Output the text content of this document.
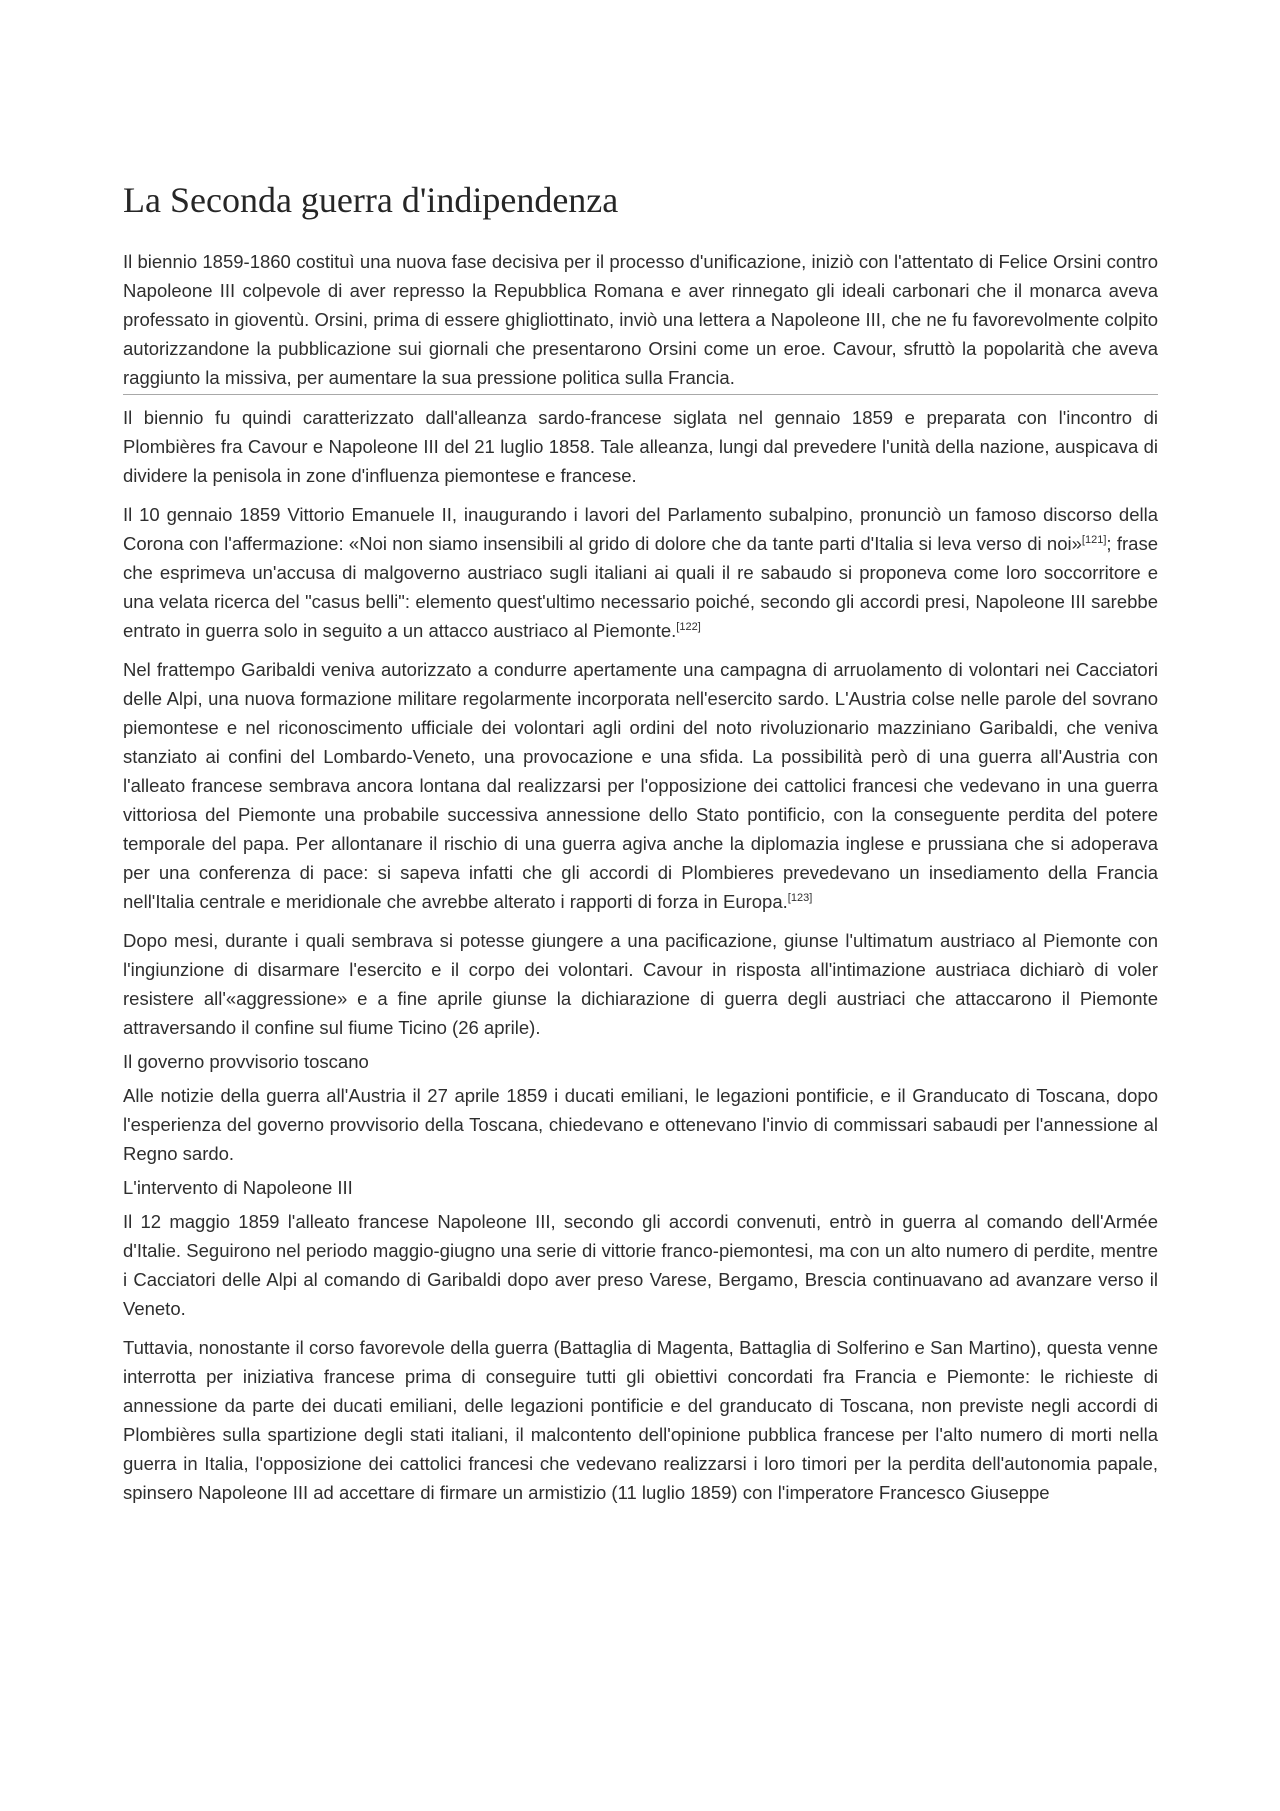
La Seconda guerra d'indipendenza

Il biennio 1859-1860 costituì una nuova fase decisiva per il processo d'unificazione, iniziò con l'attentato di Felice Orsini contro Napoleone III colpevole di aver represso la Repubblica Romana e aver rinnegato gli ideali carbonari che il monarca aveva professato in gioventù. Orsini, prima di essere ghigliottinato, inviò una lettera a Napoleone III, che ne fu favorevolmente colpito autorizzandone la pubblicazione sui giornali che presentarono Orsini come un eroe. Cavour, sfruttò la popolarità che aveva raggiunto la missiva, per aumentare la sua pressione politica sulla Francia.

Il biennio fu quindi caratterizzato dall'alleanza sardo-francese siglata nel gennaio 1859 e preparata con l'incontro di Plombières fra Cavour e Napoleone III del 21 luglio 1858. Tale alleanza, lungi dal prevedere l'unità della nazione, auspicava di dividere la penisola in zone d'influenza piemontese e francese.

Il 10 gennaio 1859 Vittorio Emanuele II, inaugurando i lavori del Parlamento subalpino, pronunciò un famoso discorso della Corona con l'affermazione: «Noi non siamo insensibili al grido di dolore che da tante parti d'Italia si leva verso di noi»[121]; frase che esprimeva un'accusa di malgoverno austriaco sugli italiani ai quali il re sabaudo si proponeva come loro soccorritore e una velata ricerca del "casus belli": elemento quest'ultimo necessario poiché, secondo gli accordi presi, Napoleone III sarebbe entrato in guerra solo in seguito a un attacco austriaco al Piemonte.[122]

Nel frattempo Garibaldi veniva autorizzato a condurre apertamente una campagna di arruolamento di volontari nei Cacciatori delle Alpi, una nuova formazione militare regolarmente incorporata nell'esercito sardo. L'Austria colse nelle parole del sovrano piemontese e nel riconoscimento ufficiale dei volontari agli ordini del noto rivoluzionario mazziniano Garibaldi, che veniva stanziato ai confini del Lombardo-Veneto, una provocazione e una sfida. La possibilità però di una guerra all'Austria con l'alleato francese sembrava ancora lontana dal realizzarsi per l'opposizione dei cattolici francesi che vedevano in una guerra vittoriosa del Piemonte una probabile successiva annessione dello Stato pontificio, con la conseguente perdita del potere temporale del papa. Per allontanare il rischio di una guerra agiva anche la diplomazia inglese e prussiana che si adoperava per una conferenza di pace: si sapeva infatti che gli accordi di Plombieres prevedevano un insediamento della Francia nell'Italia centrale e meridionale che avrebbe alterato i rapporti di forza in Europa.[123]

Dopo mesi, durante i quali sembrava si potesse giungere a una pacificazione, giunse l'ultimatum austriaco al Piemonte con l'ingiunzione di disarmare l'esercito e il corpo dei volontari. Cavour in risposta all'intimazione austriaca dichiarò di voler resistere all'«aggressione» e a fine aprile giunse la dichiarazione di guerra degli austriaci che attaccarono il Piemonte attraversando il confine sul fiume Ticino (26 aprile).

Il governo provvisorio toscano

Alle notizie della guerra all'Austria il 27 aprile 1859 i ducati emiliani, le legazioni pontificie, e il Granducato di Toscana, dopo l'esperienza del governo provvisorio della Toscana, chiedevano e ottenevano l'invio di commissari sabaudi per l'annessione al Regno sardo.

L'intervento di Napoleone III

Il 12 maggio 1859 l'alleato francese Napoleone III, secondo gli accordi convenuti, entrò in guerra al comando dell'Armée d'Italie. Seguirono nel periodo maggio-giugno una serie di vittorie franco-piemontesi, ma con un alto numero di perdite, mentre i Cacciatori delle Alpi al comando di Garibaldi dopo aver preso Varese, Bergamo, Brescia continuavano ad avanzare verso il Veneto.

Tuttavia, nonostante il corso favorevole della guerra (Battaglia di Magenta, Battaglia di Solferino e San Martino), questa venne interrotta per iniziativa francese prima di conseguire tutti gli obiettivi concordati fra Francia e Piemonte: le richieste di annessione da parte dei ducati emiliani, delle legazioni pontificie e del granducato di Toscana, non previste negli accordi di Plombières sulla spartizione degli stati italiani, il malcontento dell'opinione pubblica francese per l'alto numero di morti nella guerra in Italia, l'opposizione dei cattolici francesi che vedevano realizzarsi i loro timori per la perdita dell'autonomia papale, spinsero Napoleone III ad accettare di firmare un armistizio (11 luglio 1859) con l'imperatore Francesco Giuseppe
